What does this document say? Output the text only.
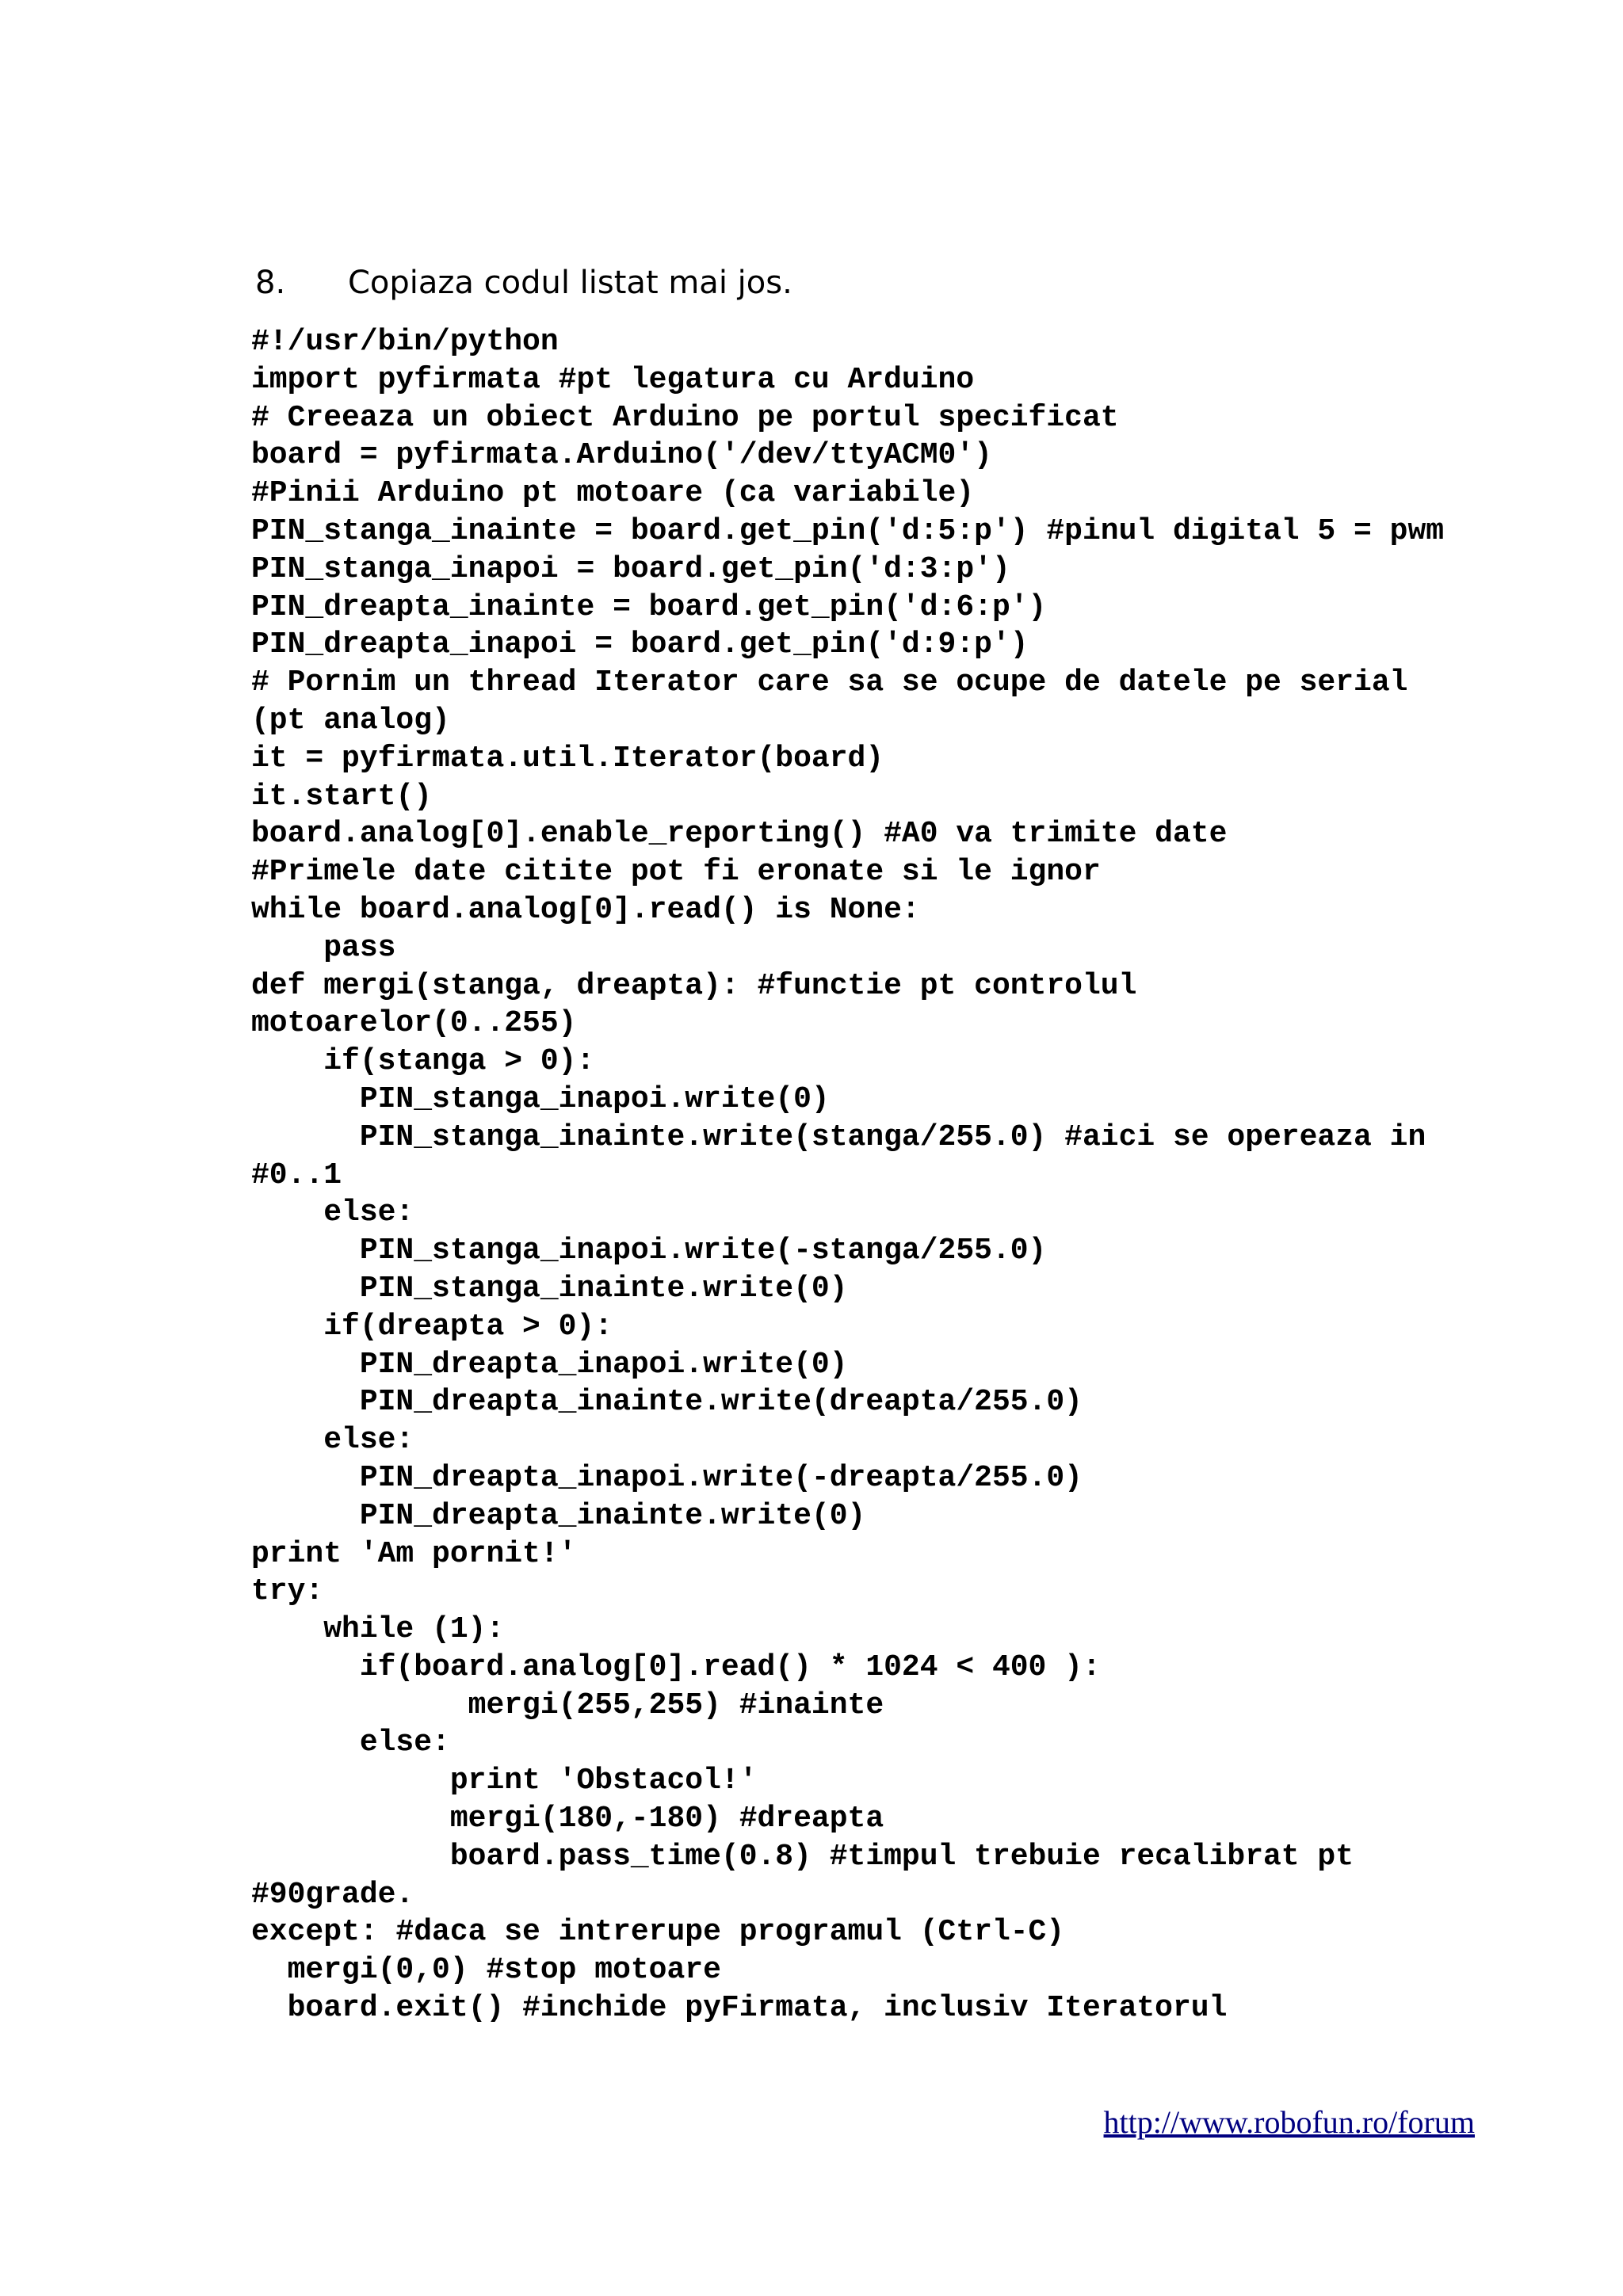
8. Copiaza codul listat mai jos.
#!/usr/bin/python
import pyfirmata #pt legatura cu Arduino
# Creeaza un obiect Arduino pe portul specificat
board = pyfirmata.Arduino('/dev/ttyACM0')
#Pinii Arduino pt motoare (ca variabile)
PIN_stanga_inainte = board.get_pin('d:5:p') #pinul digital 5 = pwm
PIN_stanga_inapoi = board.get_pin('d:3:p')
PIN_dreapta_inainte = board.get_pin('d:6:p')
PIN_dreapta_inapoi = board.get_pin('d:9:p')
# Pornim un thread Iterator care sa se ocupe de datele pe serial
(pt analog)
it = pyfirmata.util.Iterator(board)
it.start()
board.analog[0].enable_reporting() #A0 va trimite date
#Primele date citite pot fi eronate si le ignor
while board.analog[0].read() is None:
pass
def mergi(stanga, dreapta): #functie pt controlul
motoarelor(0..255)
if(stanga > 0):
PIN_stanga_inapoi.write(0)
PIN_stanga_inainte.write(stanga/255.0) #aici se opereaza in
#0..1
else:
PIN_stanga_inapoi.write(-stanga/255.0)
PIN_stanga_inainte.write(0)
if(dreapta > 0):
PIN_dreapta_inapoi.write(0)
PIN_dreapta_inainte.write(dreapta/255.0)
else:
PIN_dreapta_inapoi.write(-dreapta/255.0)
PIN_dreapta_inainte.write(0)
print 'Am pornit!'
try:
while (1):
if(board.analog[0].read() * 1024 < 400 ):
mergi(255,255) #inainte
else:
print 'Obstacol!'
mergi(180,-180) #dreapta
board.pass_time(0.8) #timpul trebuie recalibrat pt
#90grade.
except: #daca se intrerupe programul (Ctrl-C)
mergi(0,0) #stop motoare
board.exit() #inchide pyFirmata, inclusiv Iteratorul
http://www.robofun.ro/forum
